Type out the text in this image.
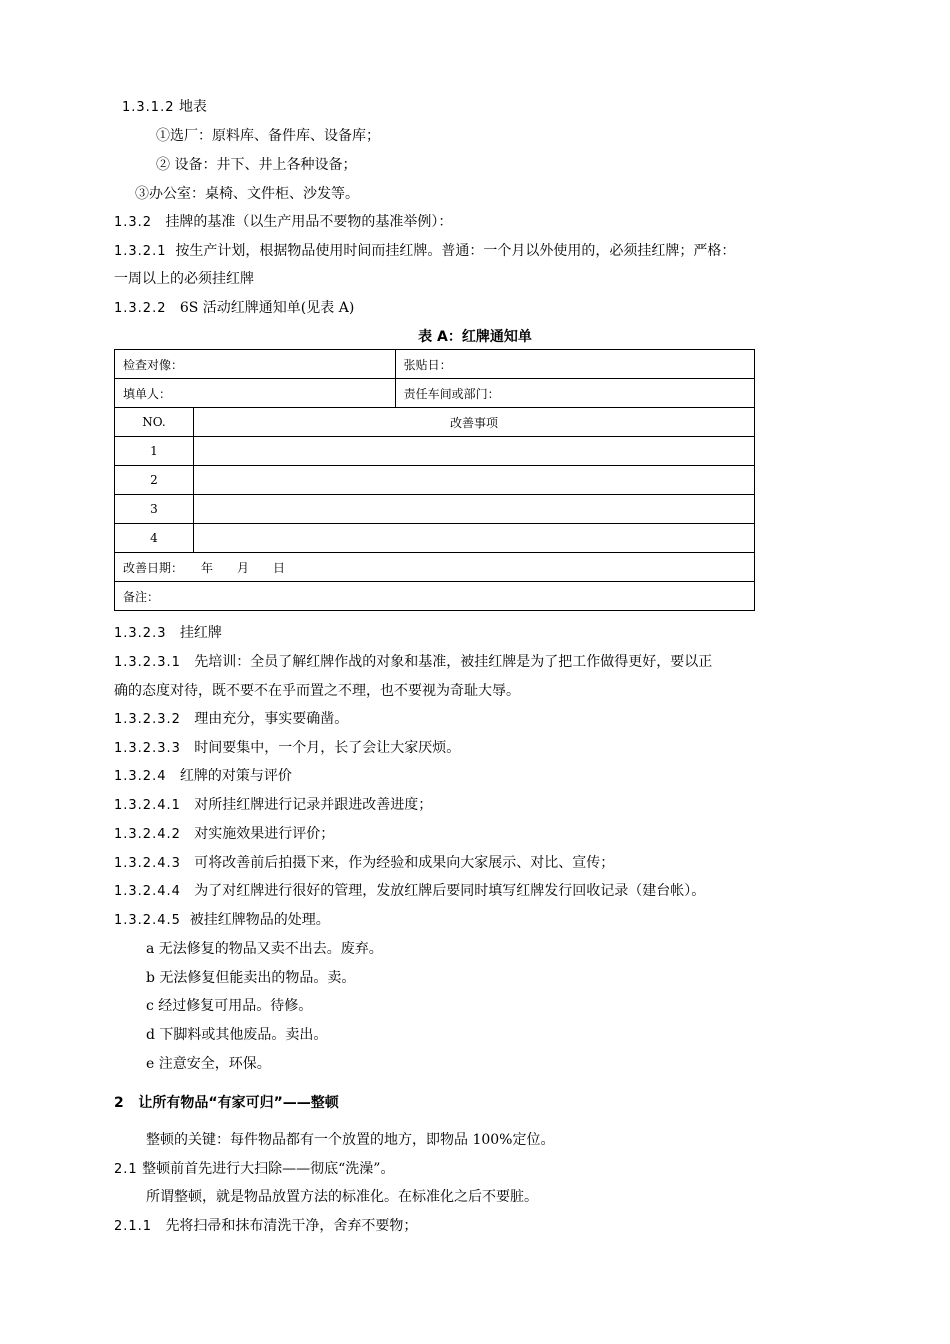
1.3.1.2 地表
①选厂：原料库、备件库、设备库；
② 设备：井下、井上各种设备；
③办公室：桌椅、文件柜、沙发等。
1.3.2 挂牌的基准（以生产用品不要物的基准举例）：
1.3.2.1 按生产计划，根据物品使用时间而挂红牌。普通：一个月以外使用的，必须挂红牌；严格：
一周以上的必须挂红牌
1.3.2.2 6S 活动红牌通知单(见表 A)
表 A：红牌通知单
检查对像：		张贴日：
填单人：		责任车间或部门：
NO.	改善事项	
1		
2		
3		
4		
改善日期：　　年　　月　　日		
备注：		
1.3.2.3 挂红牌
1.3.2.3.1 先培训：全员了解红牌作战的对象和基准，被挂红牌是为了把工作做得更好，要以正
确的态度对待，既不要不在乎而置之不理，也不要视为奇耻大辱。
1.3.2.3.2 理由充分，事实要确凿。
1.3.2.3.3 时间要集中，一个月，长了会让大家厌烦。
1.3.2.4 红牌的对策与评价
1.3.2.4.1 对所挂红牌进行记录并跟进改善进度；
1.3.2.4.2 对实施效果进行评价；
1.3.2.4.3 可将改善前后拍摄下来，作为经验和成果向大家展示、对比、宣传；
1.3.2.4.4 为了对红牌进行很好的管理，发放红牌后要同时填写红牌发行回收记录（建台帐）。
1.3.2.4.5 被挂红牌物品的处理。
a 无法修复的物品又卖不出去。废弃。
b 无法修复但能卖出的物品。卖。
c 经过修复可用品。待修。
d 下脚料或其他废品。卖出。
e 注意安全，环保。
2 让所有物品“有家可归”——整顿
整顿的关键：每件物品都有一个放置的地方，即物品 100%定位。
2.1 整顿前首先进行大扫除——彻底“洗澡”。
所谓整顿，就是物品放置方法的标准化。在标准化之后不要脏。
2.1.1 先将扫帚和抹布清洗干净，舍弃不要物；
